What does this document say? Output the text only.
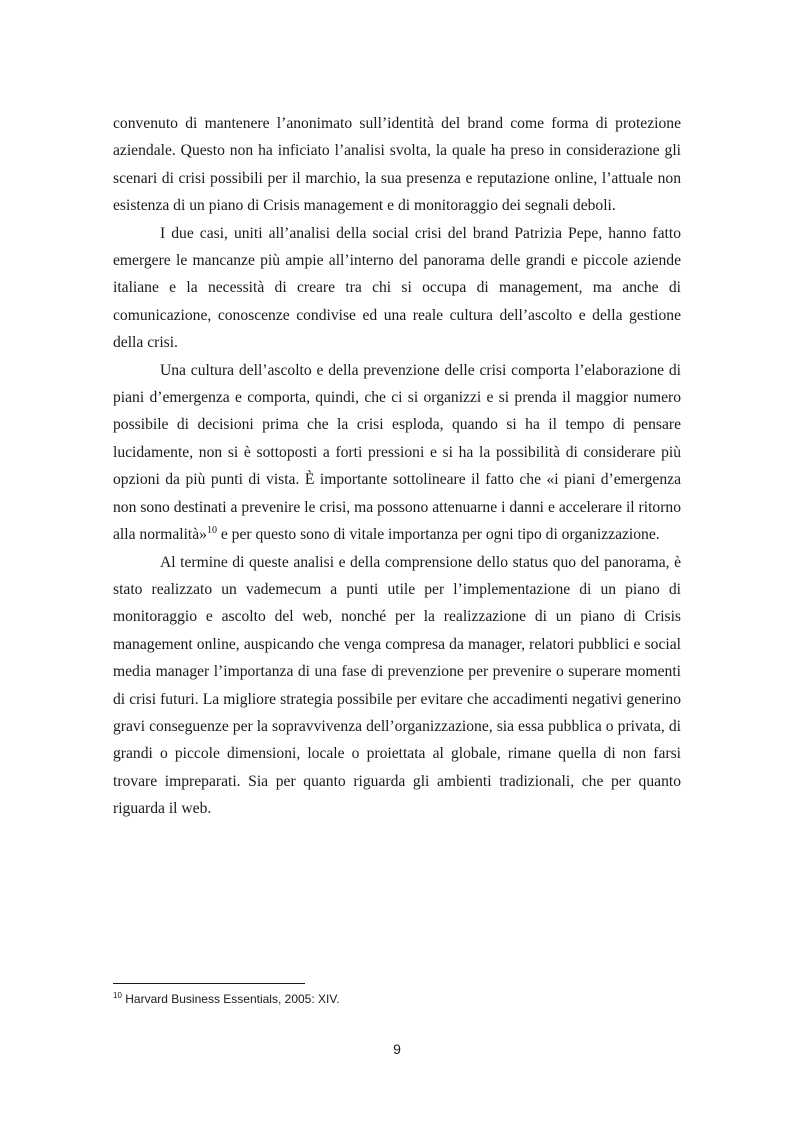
convenuto di mantenere l’anonimato sull’identità del brand come forma di protezione aziendale. Questo non ha inficiato l’analisi svolta, la quale ha preso in considerazione gli scenari di crisi possibili per il marchio, la sua presenza e reputazione online, l’attuale non esistenza di un piano di Crisis management e di monitoraggio dei segnali deboli.

I due casi, uniti all’analisi della social crisi del brand Patrizia Pepe, hanno fatto emergere le mancanze più ampie all’interno del panorama delle grandi e piccole aziende italiane e la necessità di creare tra chi si occupa di management, ma anche di comunicazione, conoscenze condivise ed una reale cultura dell’ascolto e della gestione della crisi.

Una cultura dell’ascolto e della prevenzione delle crisi comporta l’elaborazione di piani d’emergenza e comporta, quindi, che ci si organizzi e si prenda il maggior numero possibile di decisioni prima che la crisi esploda, quando si ha il tempo di pensare lucidamente, non si è sottoposti a forti pressioni e si ha la possibilità di considerare più opzioni da più punti di vista. È importante sottolineare il fatto che «i piani d’emergenza non sono destinati a prevenire le crisi, ma possono attenuarne i danni e accelerare il ritorno alla normalità»$^{10}$ e per questo sono di vitale importanza per ogni tipo di organizzazione.

Al termine di queste analisi e della comprensione dello status quo del panorama, è stato realizzato un vademecum a punti utile per l’implementazione di un piano di monitoraggio e ascolto del web, nonché per la realizzazione di un piano di Crisis management online, auspicando che venga compresa da manager, relatori pubblici e social media manager l’importanza di una fase di prevenzione per prevenire o superare momenti di crisi futuri. La migliore strategia possibile per evitare che accadimenti negativi generino gravi conseguenze per la sopravvivenza dell’organizzazione, sia essa pubblica o privata, di grandi o piccole dimensioni, locale o proiettata al globale, rimane quella di non farsi trovare impreparati. Sia per quanto riguarda gli ambienti tradizionali, che per quanto riguarda il web.

$^{10}$ Harvard Business Essentials, 2005: XIV.
9
